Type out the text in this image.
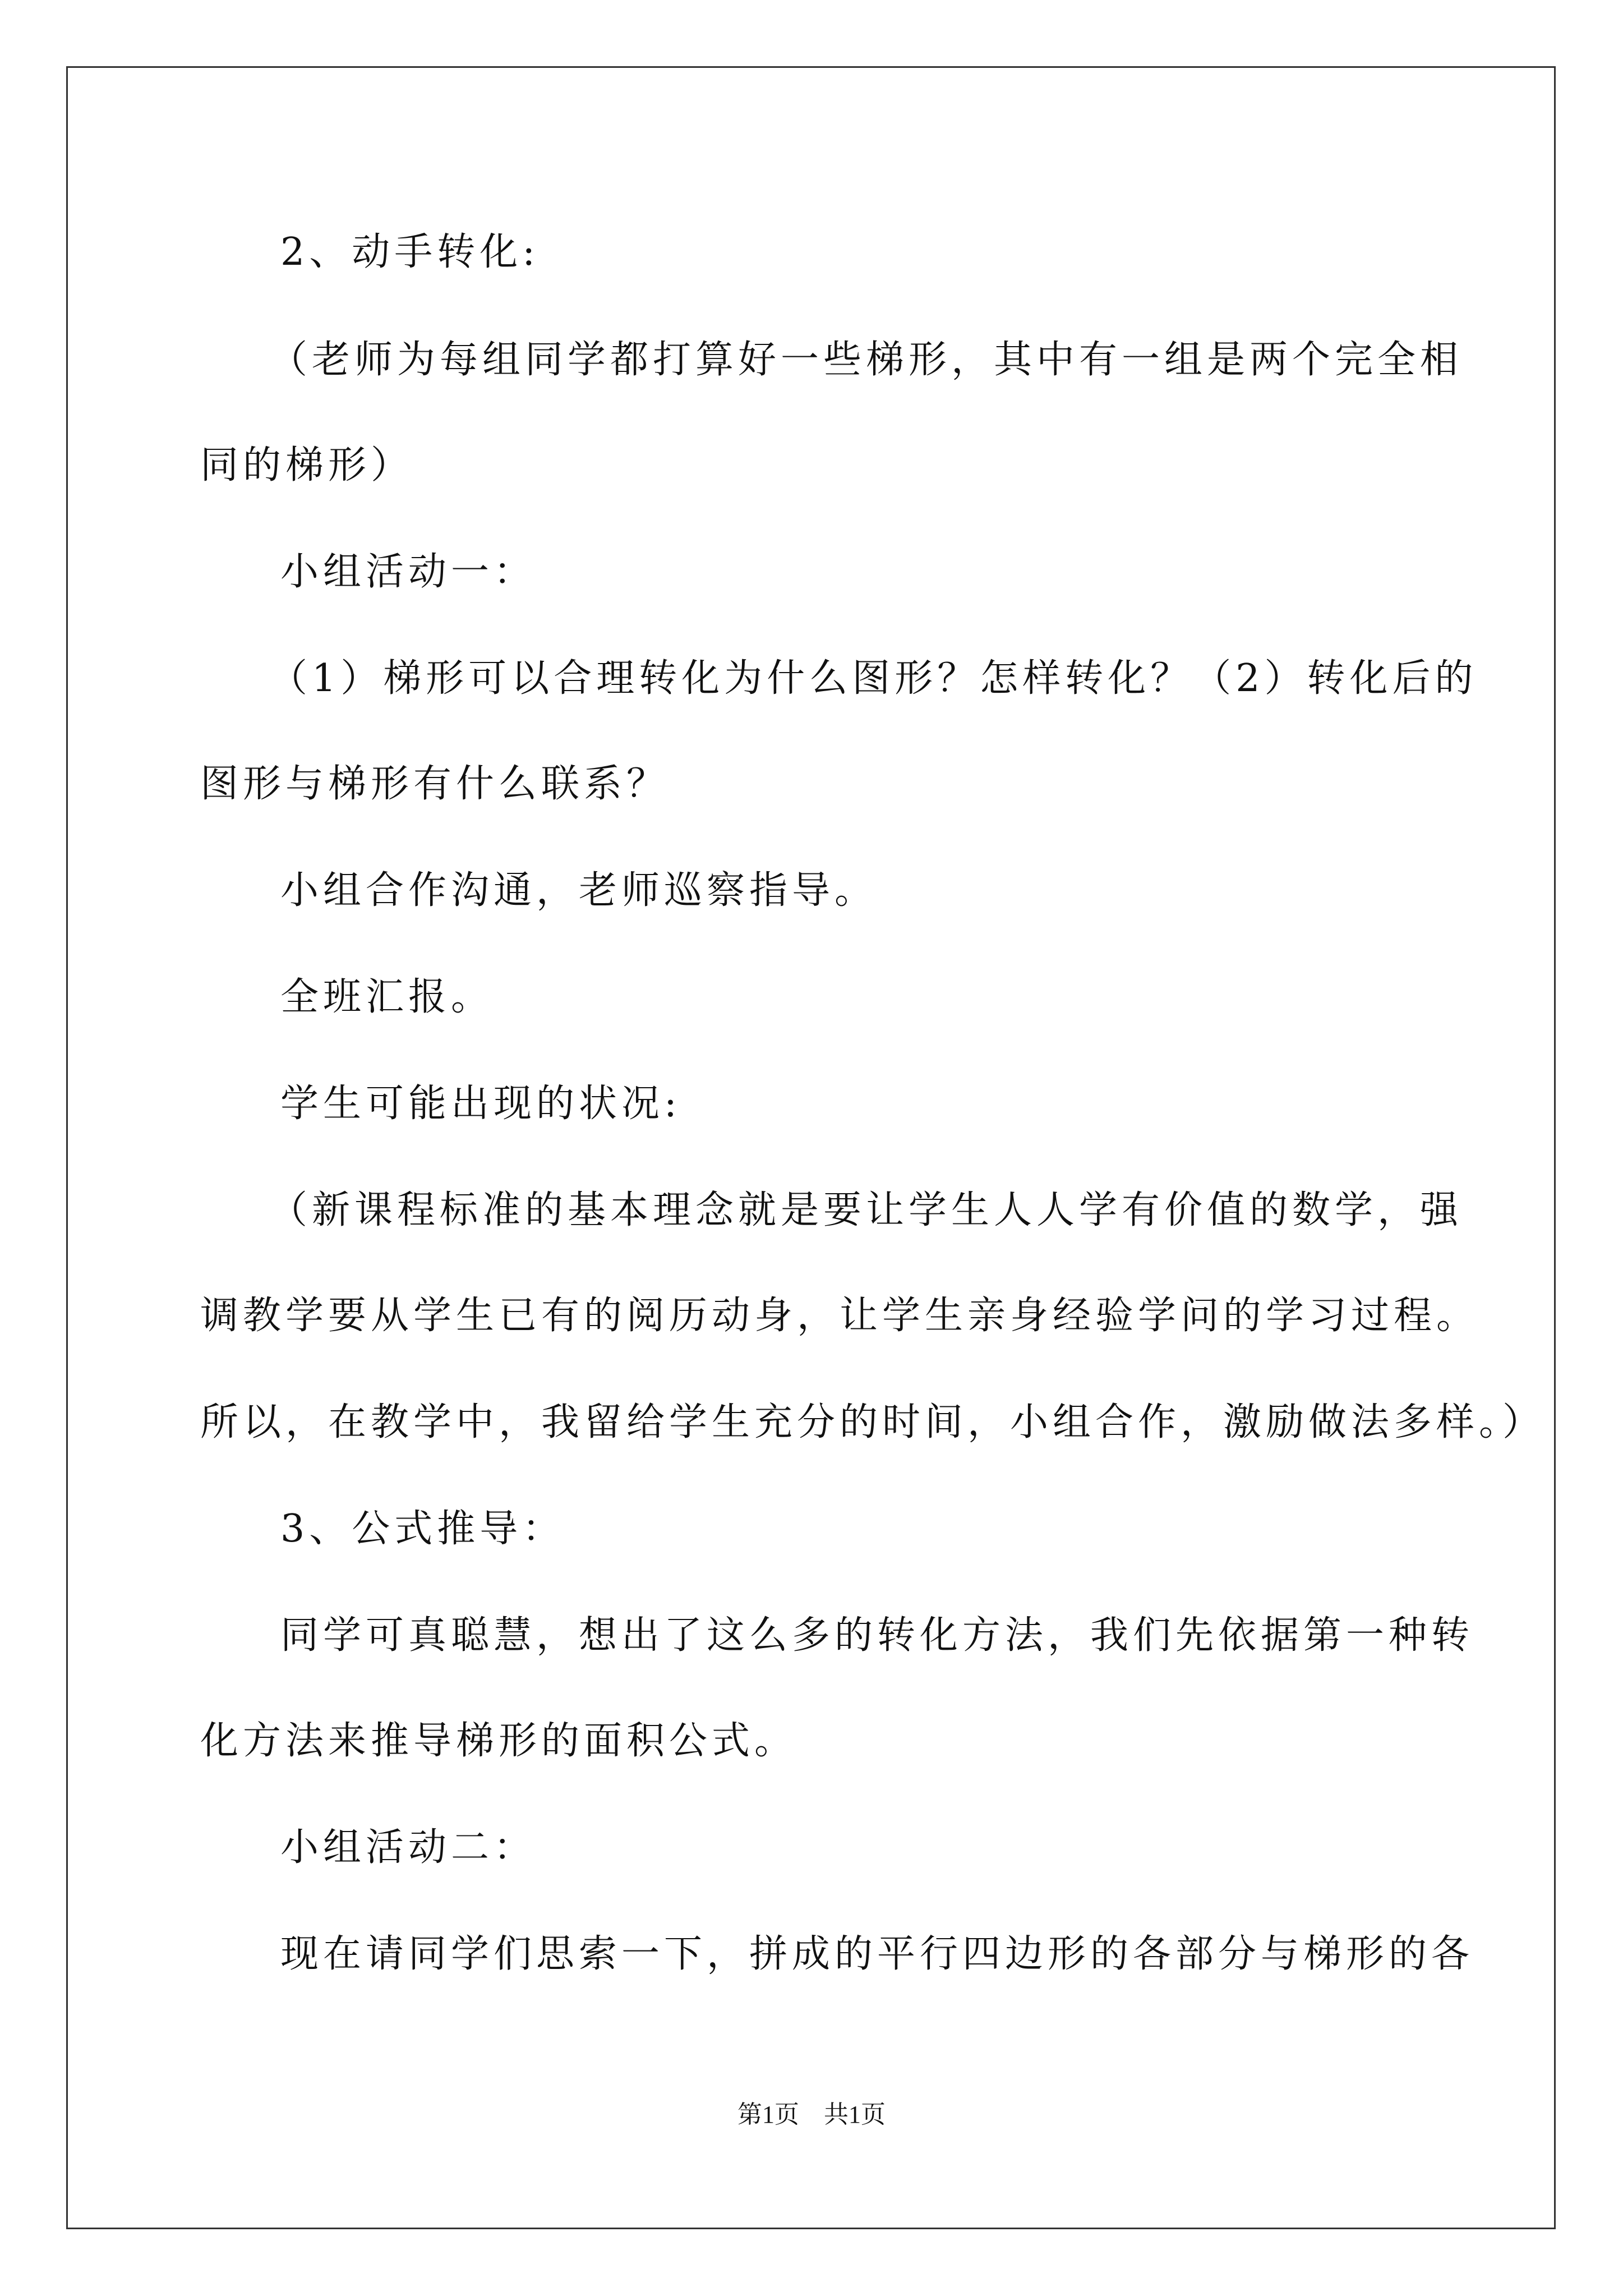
2、动手转化:
（老师为每组同学都打算好一些梯形，其中有一组是两个完全相
同的梯形）
小组活动一：
（1）梯形可以合理转化为什么图形？怎样转化？（2）转化后的
图形与梯形有什么联系？
小组合作沟通，老师巡察指导。
全班汇报。
学生可能出现的状况:
（新课程标准的基本理念就是要让学生人人学有价值的数学，强
调教学要从学生已有的阅历动身，让学生亲身经验学问的学习过程。
所以，在教学中，我留给学生充分的时间，小组合作，激励做法多样。）
3、公式推导：
同学可真聪慧，想出了这么多的转化方法，我们先依据第一种转
化方法来推导梯形的面积公式。
小组活动二：
现在请同学们思索一下，拼成的平行四边形的各部分与梯形的各
第1页　共1页
